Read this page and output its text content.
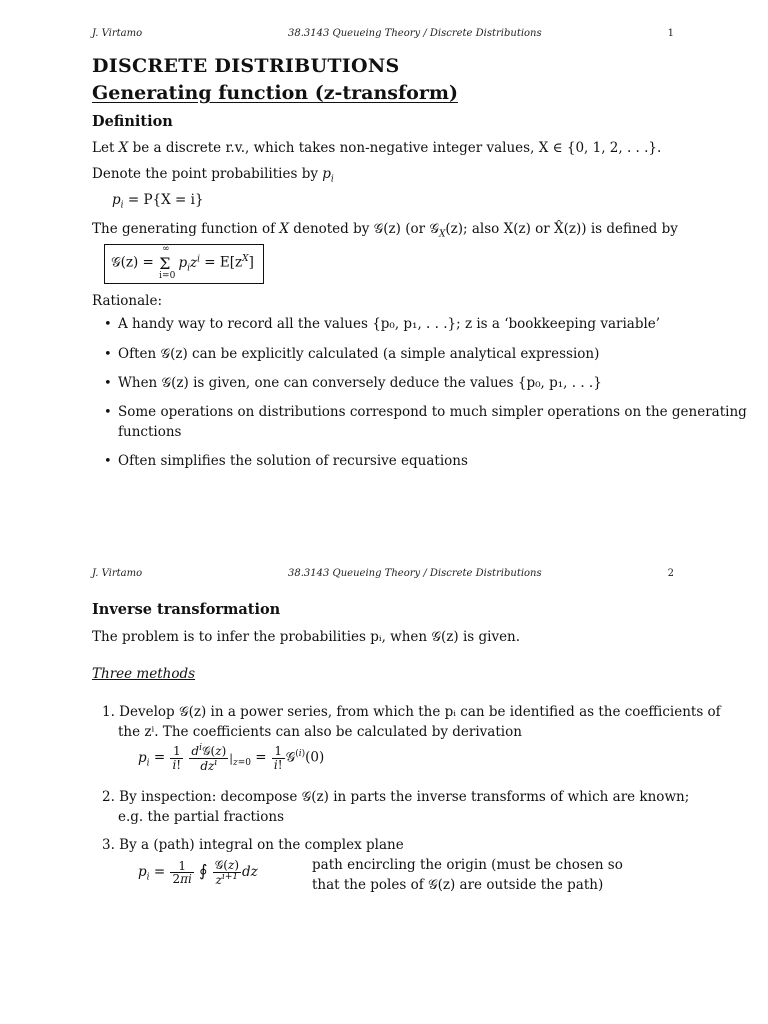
J. Virtamo	38.3143 Queueing Theory / Discrete Distributions	1
DISCRETE DISTRIBUTIONS
Generating function (z-transform)
Definition
Let X be a discrete r.v., which takes non-negative integer values, X ∈ {0, 1, 2, . . .}.
Denote the point probabilities by $p_i$
$p_i = P\{X = i\}$
The generating function of X denoted by 𝒢(z) (or 𝒢$_X$(z); also X(z) or X̂(z)) is defined by
𝒢(z) =
∞
Σ
i=0
$p_iz^i = E[z^X]$
Rationale:
• A handy way to record all the values {p₀, p₁, . . .}; z is a ‘bookkeeping variable’
• Often 𝒢(z) can be explicitly calculated (a simple analytical expression)
• When 𝒢(z) is given, one can conversely deduce the values {p₀, p₁, . . .}
• Some operations on distributions correspond to much simpler operations on the generating
functions
• Often simplifies the solution of recursive equations
J. Virtamo	38.3143 Queueing Theory / Discrete Distributions	2
Inverse transformation
The problem is to infer the probabilities pᵢ, when 𝒢(z) is given.
Three methods
1. Develop 𝒢(z) in a power series, from which the pᵢ can be identified as the coefficients of
the zⁱ. The coefficients can also be calculated by derivation
$p_i = \frac{1}{i!}$
$\frac{d^i𝒢(z)}{dz^i} |_{z=0} = \frac{1}{i!}$ 𝒢$^{(i)}$(0)
2. By inspection: decompose 𝒢(z) in parts the inverse transforms of which are known;
e.g. the partial fractions
3. By a (path) integral on the complex plane
$p_i = \frac{1}{2\pi i}$ ∮ $\frac{\text{𝒢(z)}}{z^{i+1}}$ dz	path encircling the origin (must be chosen so
that the poles of 𝒢(z) are outside the path)
